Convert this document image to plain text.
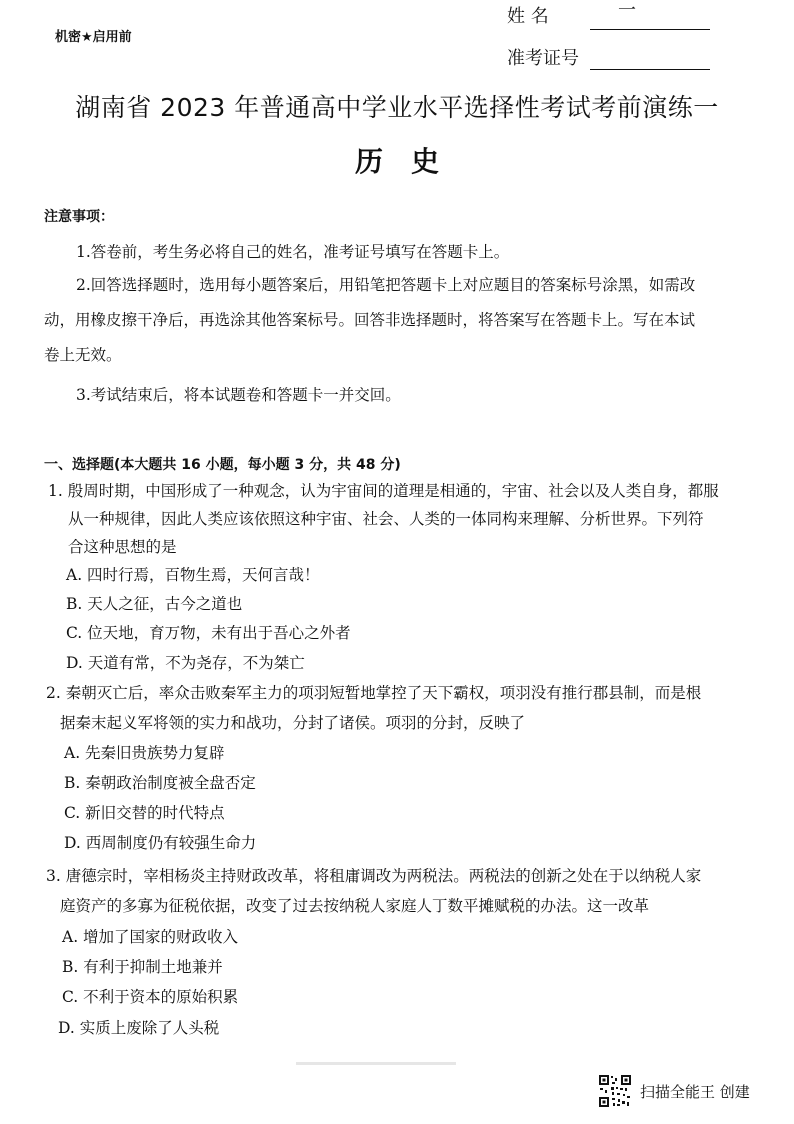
机密★启用前
姓 名	一
准考证号
湖南省 2023 年普通高中学业水平选择性考试考前演练一
历史
注意事项：
1.答卷前，考生务必将自己的姓名，准考证号填写在答题卡上。
2.回答选择题时，选用每小题答案后，用铅笔把答题卡上对应题目的答案标号涂黑，如需改
动，用橡皮擦干净后，再选涂其他答案标号。回答非选择题时，将答案写在答题卡上。写在本试
卷上无效。
3.考试结束后，将本试题卷和答题卡一并交回。
一、选择题(本大题共 16 小题，每小题 3 分，共 48 分)
1. 殷周时期，中国形成了一种观念，认为宇宙间的道理是相通的，宇宙、社会以及人类自身，都服
从一种规律，因此人类应该依照这种宇宙、社会、人类的一体同构来理解、分析世界。下列符
合这种思想的是
A. 四时行焉，百物生焉，天何言哉！
B. 天人之征，古今之道也
C. 位天地，育万物，未有出于吾心之外者
D. 天道有常，不为尧存，不为桀亡
2. 秦朝灭亡后，率众击败秦军主力的项羽短暂地掌控了天下霸权，项羽没有推行郡县制，而是根
据秦末起义军将领的实力和战功，分封了诸侯。项羽的分封，反映了
A. 先秦旧贵族势力复辟
B. 秦朝政治制度被全盘否定
C. 新旧交替的时代特点
D. 西周制度仍有较强生命力
3. 唐德宗时，宰相杨炎主持财政改革，将租庸调改为两税法。两税法的创新之处在于以纳税人家
庭资产的多寡为征税依据，改变了过去按纳税人家庭人丁数平摊赋税的办法。这一改革
A. 增加了国家的财政收入
B. 有利于抑制土地兼并
C. 不利于资本的原始积累
D. 实质上废除了人头税
扫描全能王 创建
